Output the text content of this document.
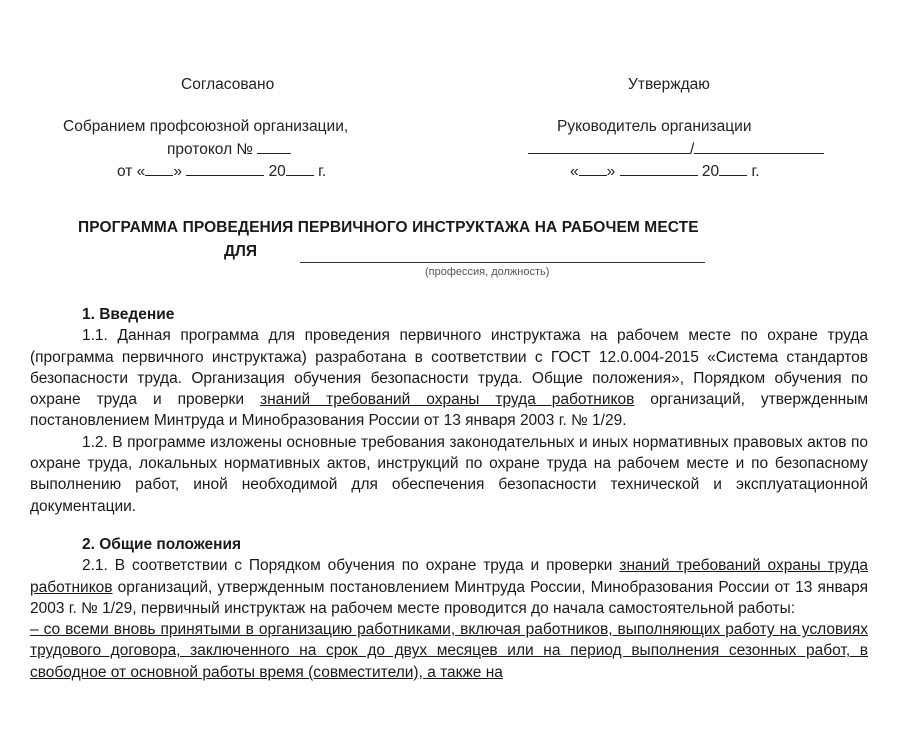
Согласовано
Собранием профсоюзной организации,
протокол №
от « »	20 г.
Утверждаю
Руководитель организации
/
« »	20 г.
ПРОГРАММА ПРОВЕДЕНИЯ ПЕРВИЧНОГО ИНСТРУКТАЖА НА РАБОЧЕМ МЕСТЕ
ДЛЯ
(профессия, должность)

1. Введение

1.1. Данная программа для проведения первичного инструктажа на рабочем месте по охране труда (программа первичного инструктажа) разработана в соответствии с ГОСТ 12.0.004-2015 «Система стандартов безопасности труда. Организация обучения безопасности труда. Общие положения», Порядком обучения по охране труда и проверки знаний требований охраны труда работников организаций, утвержденным постановлением Минтруда и Минобразования России от 13 января 2003 г. № 1/29.

1.2. В программе изложены основные требования законодательных и иных нормативных правовых актов по охране труда, локальных нормативных актов, инструкций по охране труда на рабочем месте и по безопасному выполнению работ, иной необходимой для обеспечения безопасности технической и эксплуатационной документации.

2. Общие положения

2.1. В соответствии с Порядком обучения по охране труда и проверки знаний требований охраны труда работников организаций, утвержденным постановлением Минтруда России, Минобразования России от 13 января 2003 г. № 1/29, первичный инструктаж на рабочем месте проводится до начала самостоятельной работы:

– со всеми вновь принятыми в организацию работниками, включая работников, выполняющих работу на условиях трудового договора, заключенного на срок до двух месяцев или на период выполнения сезонных работ, в свободное от основной работы время (совместители), а также на
